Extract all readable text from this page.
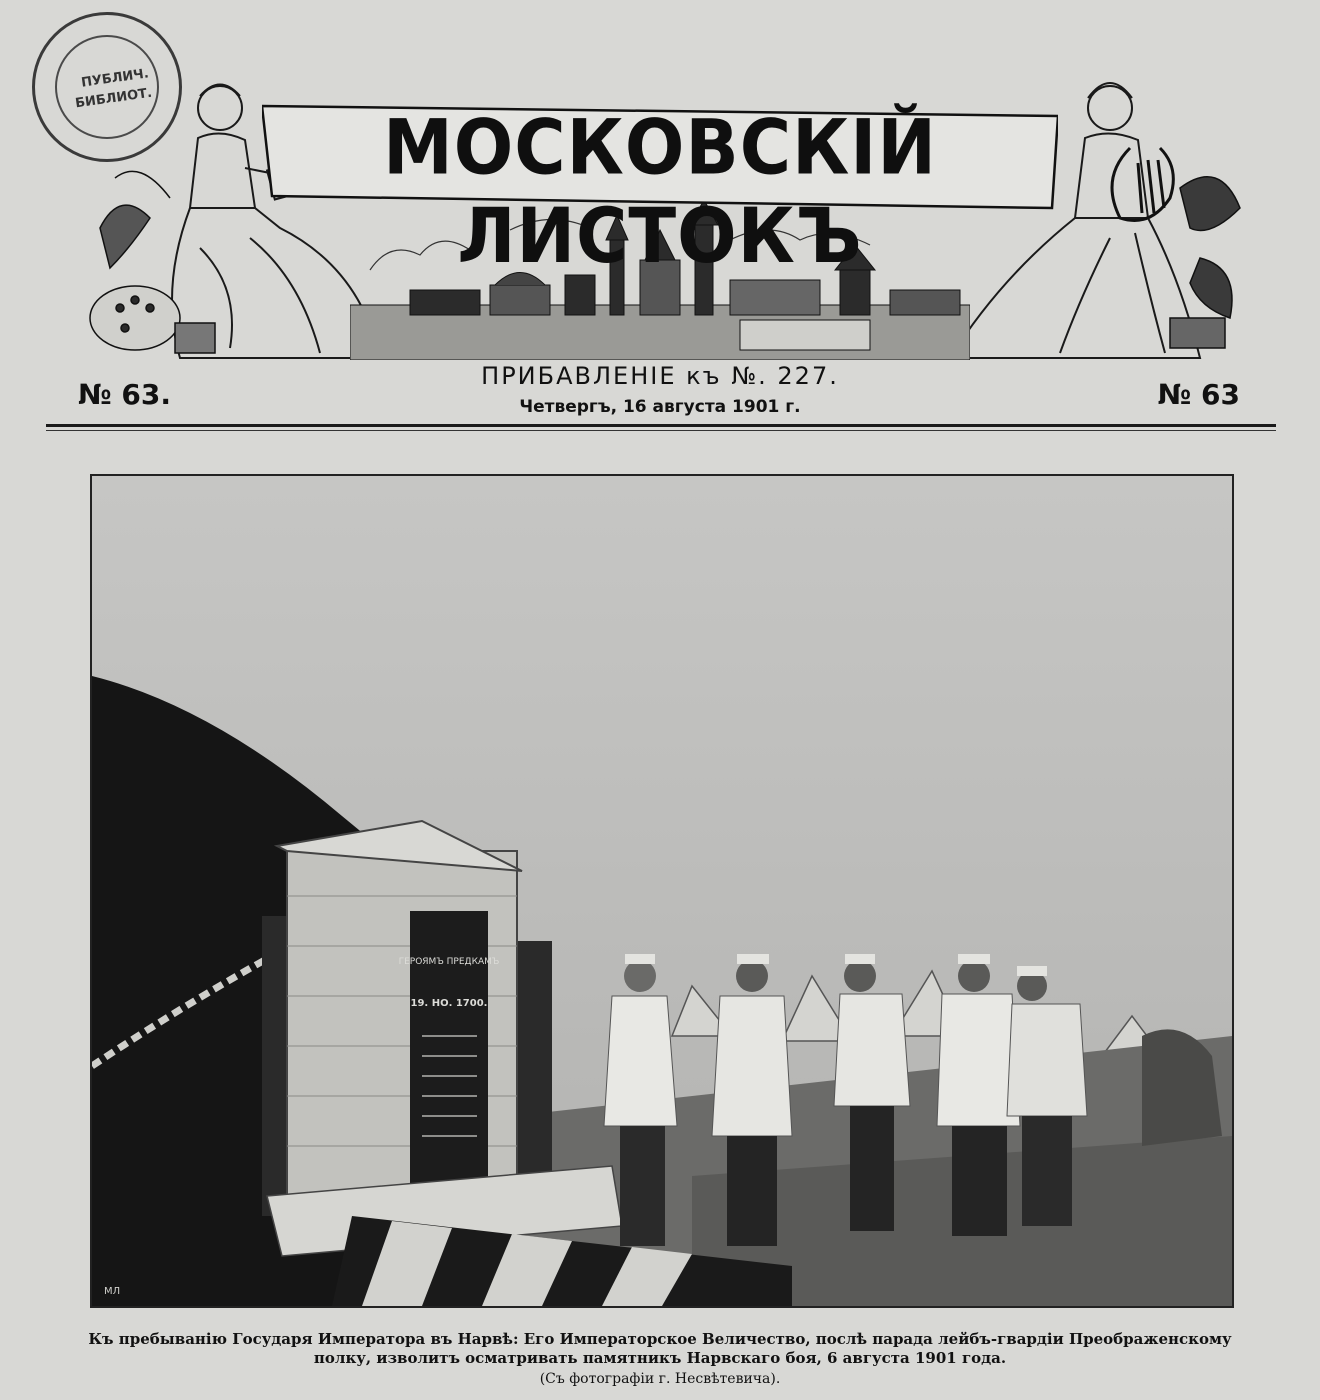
ПУБЛИЧ.
БИБЛИОТ.
МОСКОВСКІЙ ЛИСТОКЪ
№ 63.
ПРИБАВЛЕНІЕ къ №. 227.
№ 63
Четвергъ, 16 августа 1901 г.
ГЕРОЯМЪ ПРЕДКАМЪ
19. НО. 1700.
МЛ
Къ пребыванію Государя Императора въ Нарвѣ: Его Императорское Величество, послѣ парада лейбъ-гвардіи Преображенскому
полку, изволитъ осматривать памятникъ Нарвскаго боя, 6 августа 1901 года.
(Съ фотографіи г. Несвѣтевича).
